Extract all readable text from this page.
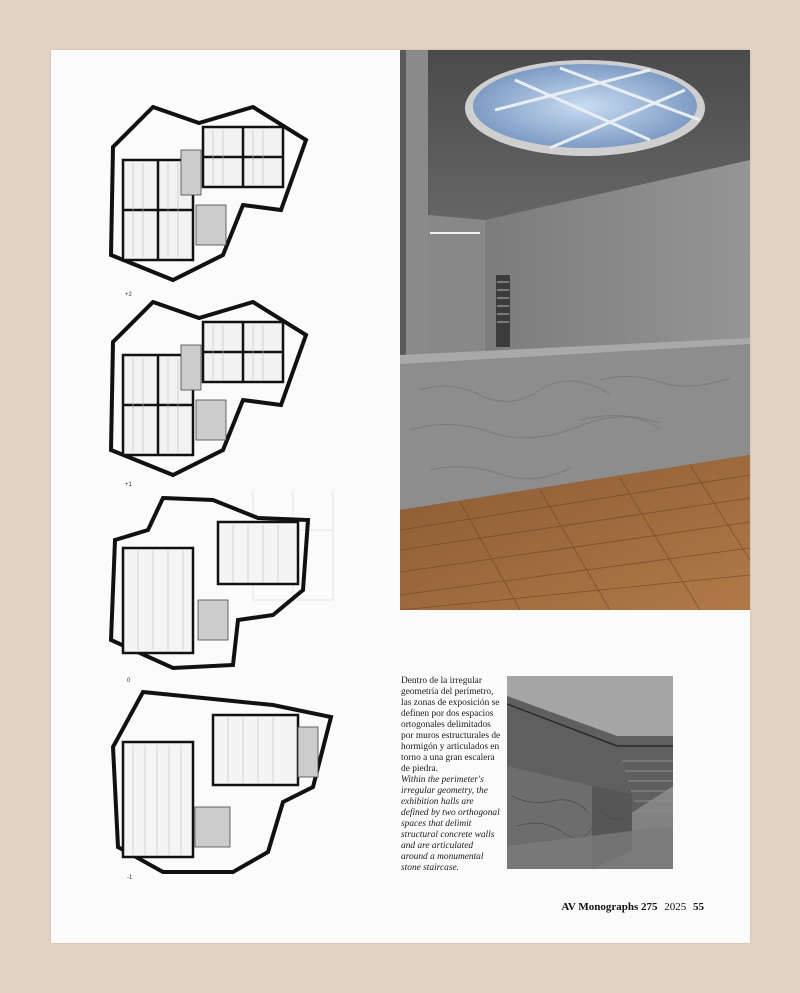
+2
+1
0
-1
Dentro de la irregular geometría del perímetro, las zonas de exposición se definen por dos espacios ortogonales delimitados por muros estructurales de hormigón y articulados en torno a una gran escalera de piedra.
Within the perimeter's irregular geometry, the exhibition halls are defined by two orthogonal spaces that delimit structural concrete walls and are articulated around a monumental stone staircase.
AV Monographs 275 2025 55
